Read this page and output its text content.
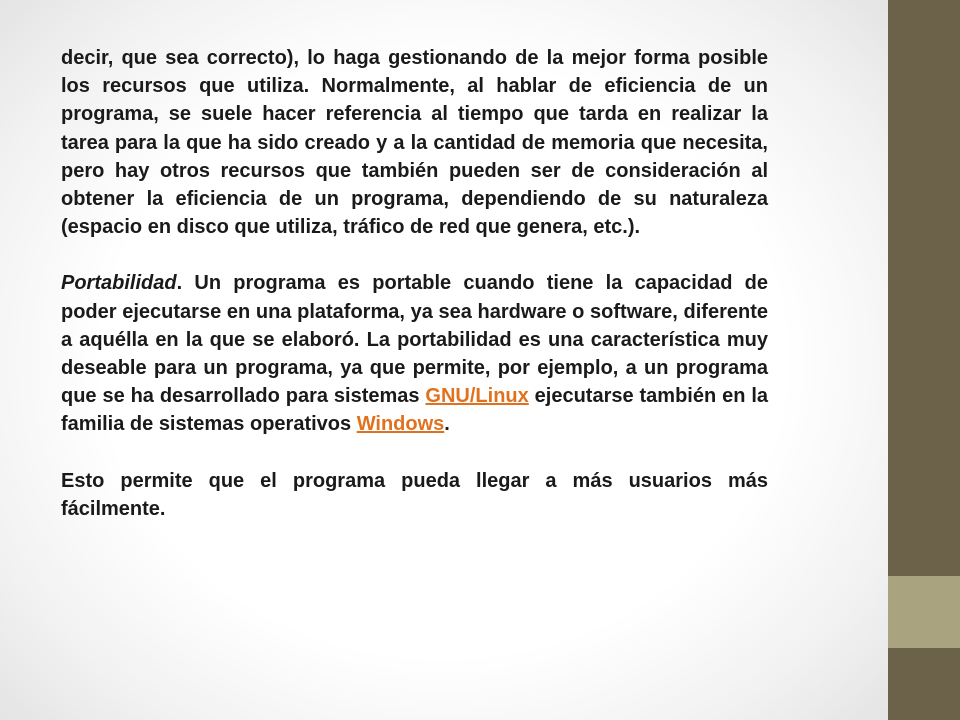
decir, que sea correcto), lo haga gestionando de la mejor forma posible los recursos que utiliza. Normalmente, al hablar de eficiencia de un programa, se suele hacer referencia al tiempo que tarda en realizar la tarea para la que ha sido creado y a la cantidad de memoria que necesita, pero hay otros recursos que también pueden ser de consideración al obtener la eficiencia de un programa, dependiendo de su naturaleza (espacio en disco que utiliza, tráfico de red que genera, etc.).

Portabilidad. Un programa es portable cuando tiene la capacidad de poder ejecutarse en una plataforma, ya sea hardware o software, diferente a aquélla en la que se elaboró. La portabilidad es una característica muy deseable para un programa, ya que permite, por ejemplo, a un programa que se ha desarrollado para sistemas GNU/Linux ejecutarse también en la familia de sistemas operativos Windows.

Esto permite que el programa pueda llegar a más usuarios más fácilmente.
